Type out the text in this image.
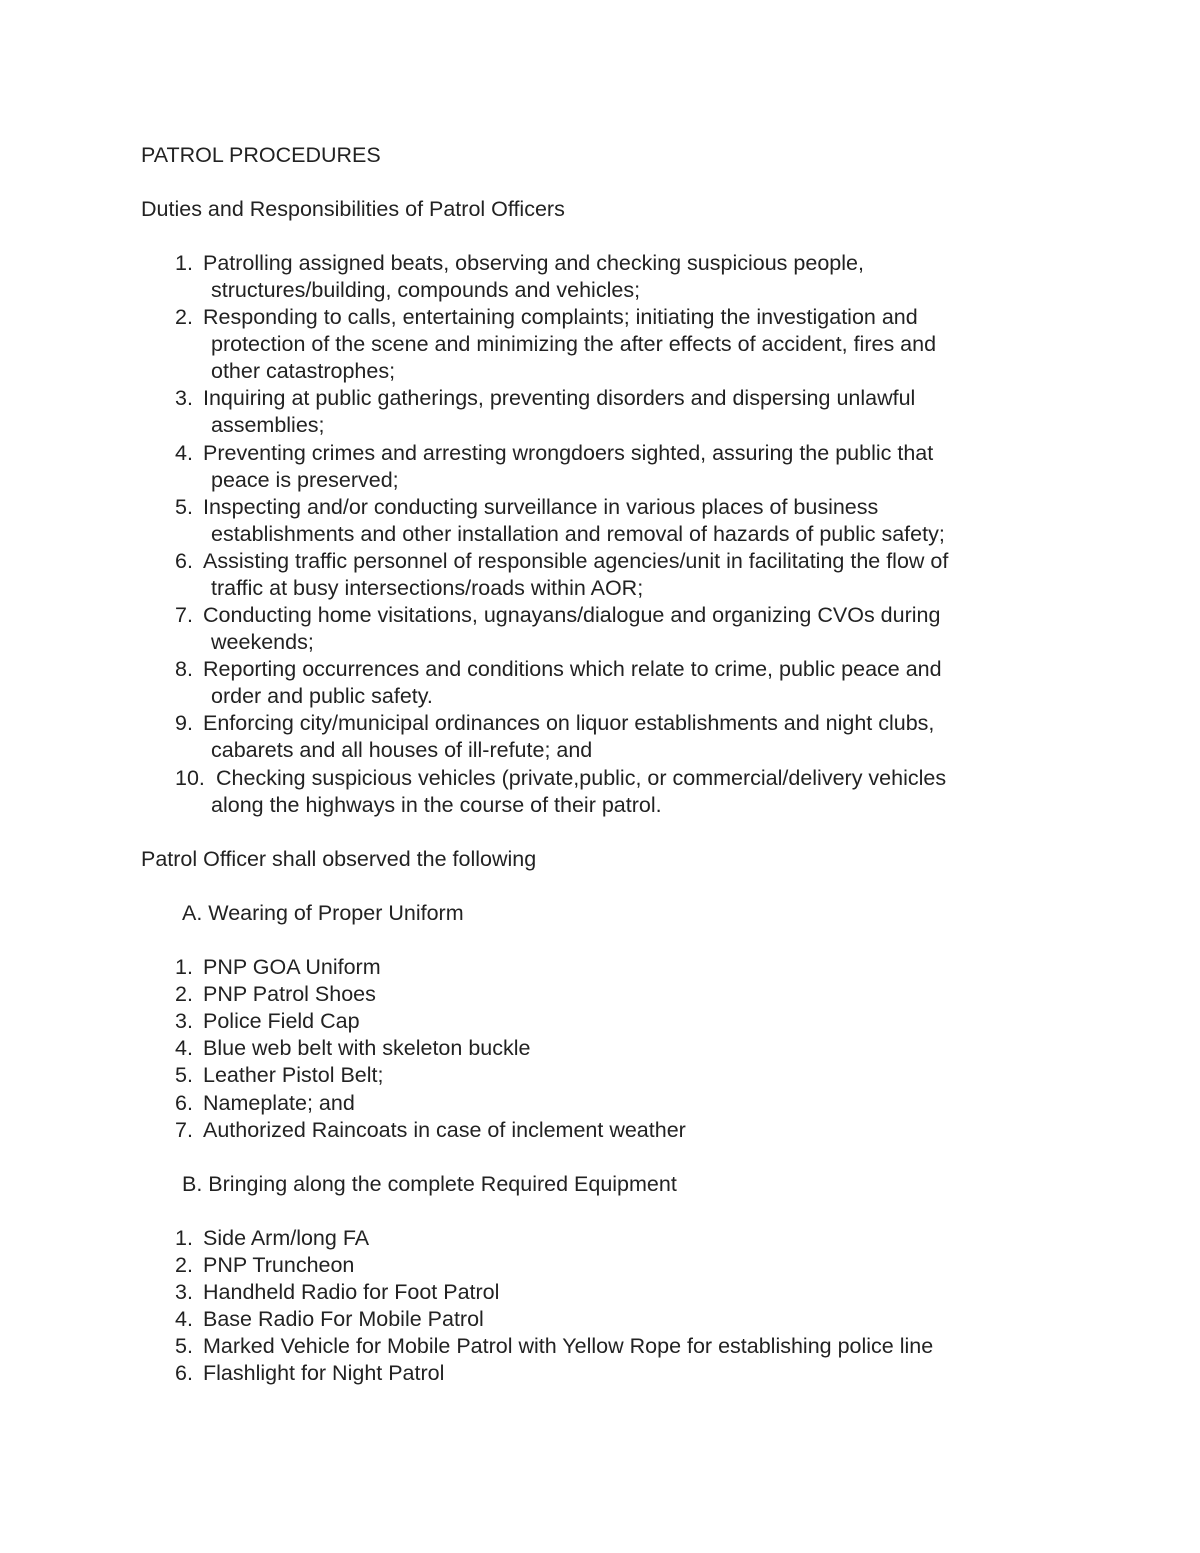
PATROL PROCEDURES
Duties and Responsibilities of Patrol Officers
1. Patrolling assigned beats, observing and checking suspicious people,
structures/building, compounds and vehicles;
2. Responding to calls, entertaining complaints; initiating the investigation and
protection of the scene and minimizing the after effects of accident, fires and
other catastrophes;
3. Inquiring at public gatherings, preventing disorders and dispersing unlawful
assemblies;
4. Preventing crimes and arresting wrongdoers sighted, assuring the public that
peace is preserved;
5. Inspecting and/or conducting surveillance in various places of business
establishments and other installation and removal of hazards of public safety;
6. Assisting traffic personnel of responsible agencies/unit in facilitating the flow of
traffic at busy intersections/roads within AOR;
7. Conducting home visitations, ugnayans/dialogue and organizing CVOs during
weekends;
8. Reporting occurrences and conditions which relate to crime, public peace and
order and public safety.
9. Enforcing city/municipal ordinances on liquor establishments and night clubs,
cabarets and all houses of ill-refute; and
10. Checking suspicious vehicles (private,public, or commercial/delivery vehicles
along the highways in the course of their patrol.
Patrol Officer shall observed the following
A. Wearing of Proper Uniform
1. PNP GOA Uniform
2. PNP Patrol Shoes
3. Police Field Cap
4. Blue web belt with skeleton buckle
5. Leather Pistol Belt;
6. Nameplate; and
7. Authorized Raincoats in case of inclement weather
B. Bringing along the complete Required Equipment
1. Side Arm/long FA
2. PNP Truncheon
3. Handheld Radio for Foot Patrol
4. Base Radio For Mobile Patrol
5. Marked Vehicle for Mobile Patrol with Yellow Rope for establishing police line
6. Flashlight for Night Patrol
